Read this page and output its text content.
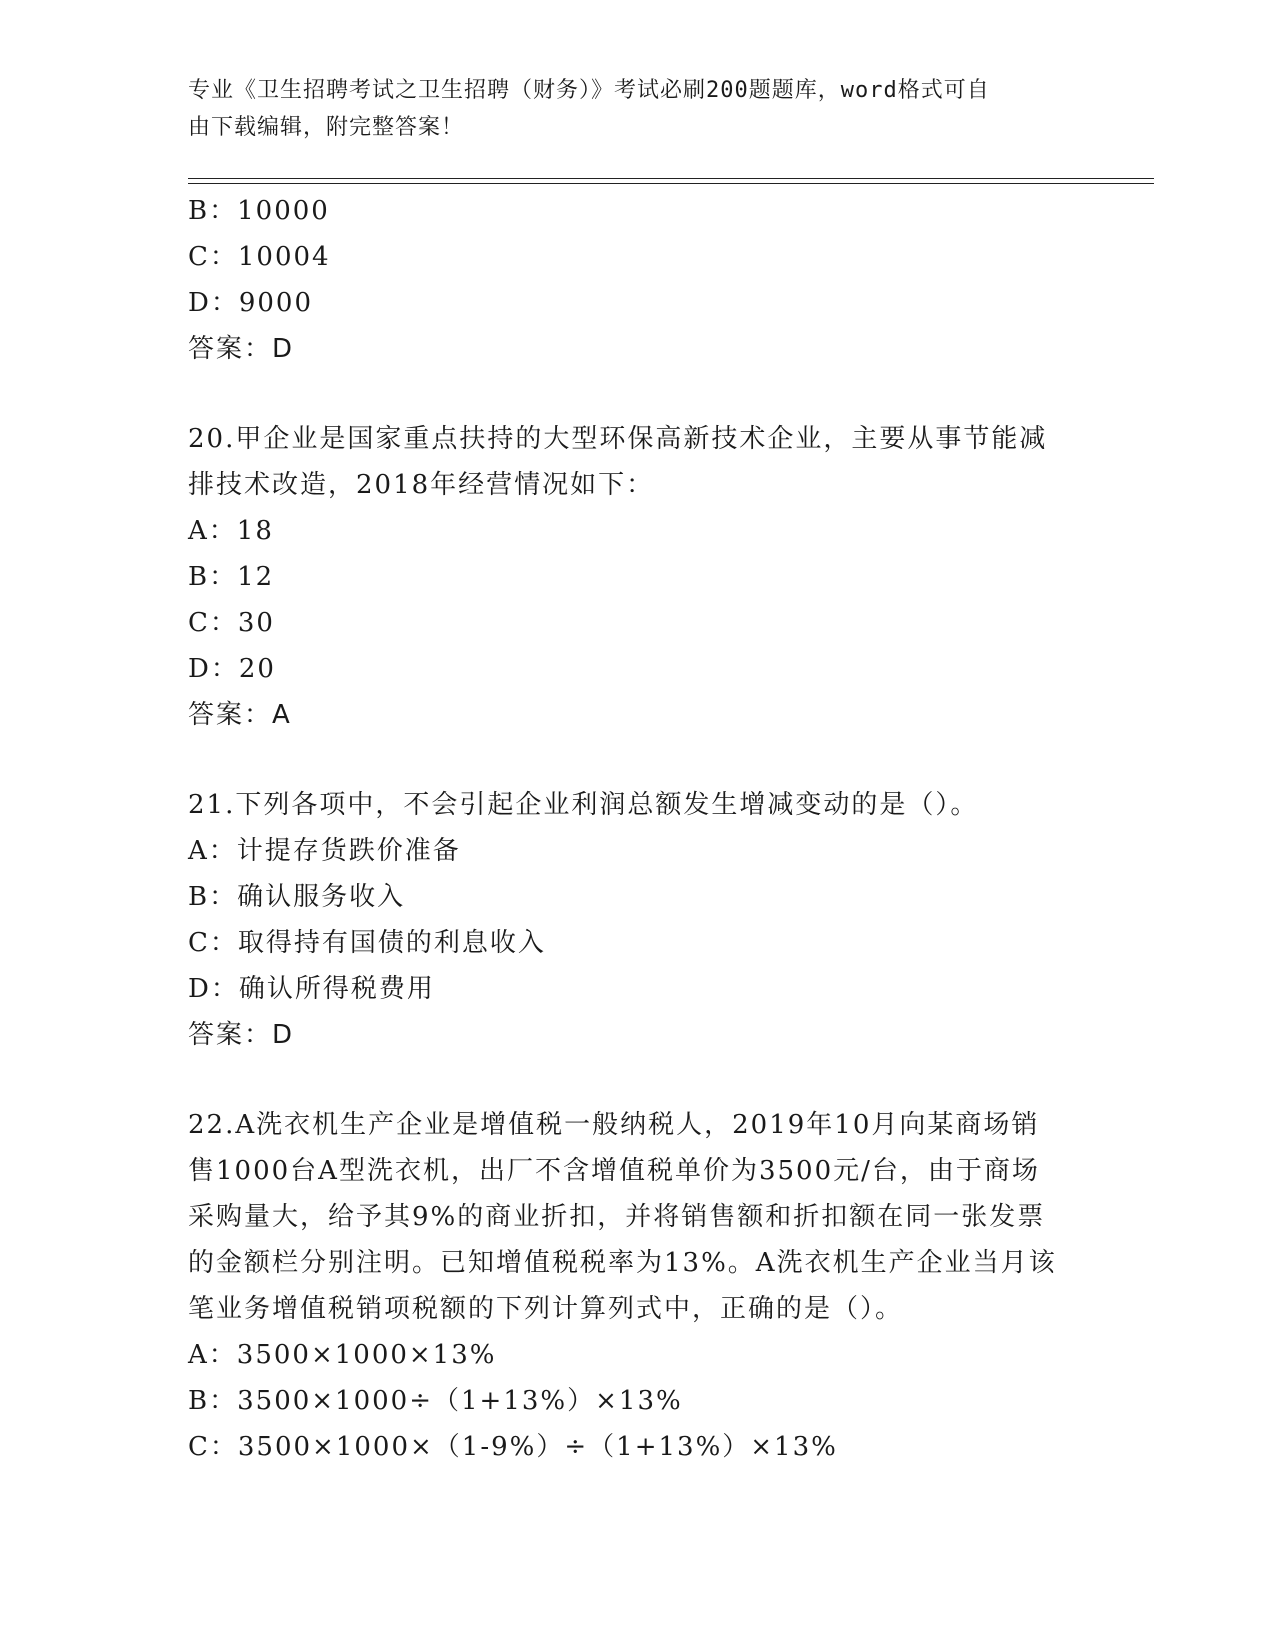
专业《卫生招聘考试之卫生招聘（财务）》考试必刷200题题库，word格式可自
由下载编辑，附完整答案！
B：10000
C：10004
D：9000
答案：D
20.甲企业是国家重点扶持的大型环保高新技术企业，主要从事节能减
排技术改造，2018年经营情况如下：
A：18
B：12
C：30
D：20
答案：A
21.下列各项中，不会引起企业利润总额发生增减变动的是（）。
A：计提存货跌价准备
B：确认服务收入
C：取得持有国债的利息收入
D：确认所得税费用
答案：D
22.A洗衣机生产企业是增值税一般纳税人，2019年10月向某商场销
售1000台A型洗衣机，出厂不含增值税单价为3500元/台，由于商场
采购量大，给予其9%的商业折扣，并将销售额和折扣额在同一张发票
的金额栏分别注明。已知增值税税率为13%。A洗衣机生产企业当月该
笔业务增值税销项税额的下列计算列式中，正确的是（）。
A：3500×1000×13%
B：3500×1000÷（1+13%）×13%
C：3500×1000×（1-9%）÷（1+13%）×13%
